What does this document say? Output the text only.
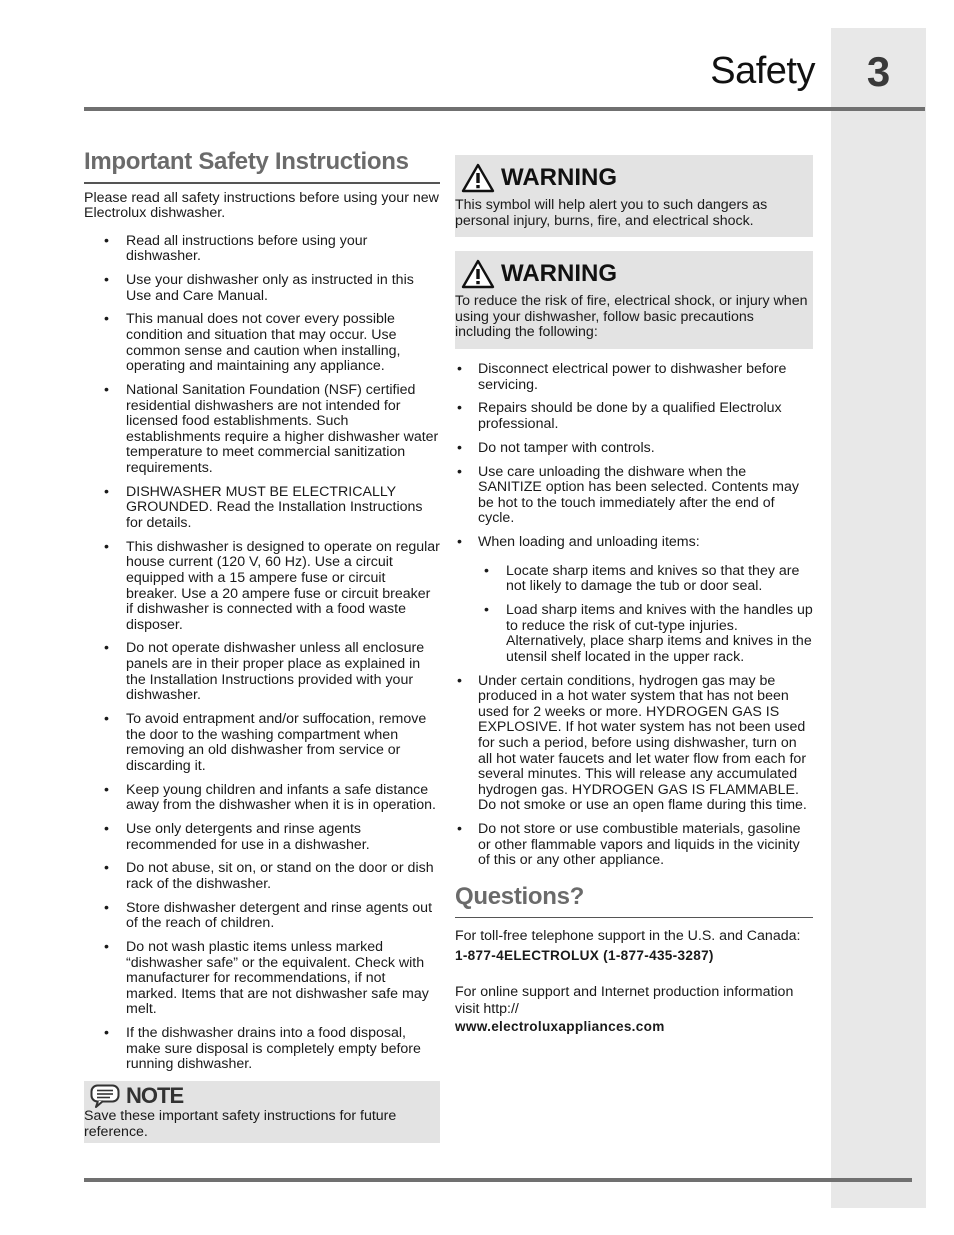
3
Safety
Important Safety Instructions
Please read all safety instructions before using your new Electrolux dishwasher.
• Read all instructions before using your dishwasher.
• Use your dishwasher only as instructed in this Use and Care Manual.
• This manual does not cover every possible condition and situation that may occur. Use common sense and caution when installing, operating and maintaining any appliance.
• National Sanitation Foundation (NSF) certified residential dishwashers are not intended for licensed food establishments. Such establishments require a higher dishwasher water temperature to meet commercial sanitization requirements.
• DISHWASHER MUST BE ELECTRICALLY GROUNDED. Read the Installation Instructions for details.
• This dishwasher is designed to operate on regular house current (120 V, 60 Hz). Use a circuit equipped with a 15 ampere fuse or circuit breaker. Use a 20 ampere fuse or circuit breaker if dishwasher is connected with a food waste disposer.
• Do not operate dishwasher unless all enclosure panels are in their proper place as explained in the Installation Instructions provided with your dishwasher.
• To avoid entrapment and/or suffocation, remove the door to the washing compartment when removing an old dishwasher from service or discarding it.
• Keep young children and infants a safe distance away from the dishwasher when it is in operation.
• Use only detergents and rinse agents recommended for use in a dishwasher.
• Do not abuse, sit on, or stand on the door or dish rack of the dishwasher.
• Store dishwasher detergent and rinse agents out of the reach of children.
• Do not wash plastic items unless marked “dishwasher safe” or the equivalent. Check with manufacturer for recommendations, if not marked. Items that are not dishwasher safe may melt.
• If the dishwasher drains into a food disposal, make sure disposal is completely empty before running dishwasher.
NOTE
Save these important safety instructions for future reference.
WARNING
This symbol will help alert you to such dangers as personal injury, burns, fire, and electrical shock.
WARNING
To reduce the risk of fire, electrical shock, or injury when using your dishwasher, follow basic precautions including the following:
• Disconnect electrical power to dishwasher before servicing.
• Repairs should be done by a qualified Electrolux professional.
• Do not tamper with controls.
• Use care unloading the dishware when the SANITIZE option has been selected. Contents may be hot to the touch immediately after the end of cycle.
• When loading and unloading items:
• Locate sharp items and knives so that they are not likely to damage the tub or door seal.
• Load sharp items and knives with the handles up to reduce the risk of cut-type injuries. Alternatively, place sharp items and knives in the utensil shelf located in the upper rack.
• Under certain conditions, hydrogen gas may be produced in a hot water system that has not been used for 2 weeks or more. HYDROGEN GAS IS EXPLOSIVE. If hot water system has not been used for such a period, before using dishwasher, turn on all hot water faucets and let water flow from each for several minutes. This will release any accumulated hydrogen gas. HYDROGEN GAS IS FLAMMABLE. Do not smoke or use an open flame during this time.
• Do not store or use combustible materials, gasoline or other flammable vapors and liquids in the vicinity of this or any other appliance.
Questions?
For toll-free telephone support in the U.S. and Canada:
1-877-4ELECTROLUX (1-877-435-3287)
For online support and Internet production information visit http://
www.electroluxappliances.com
